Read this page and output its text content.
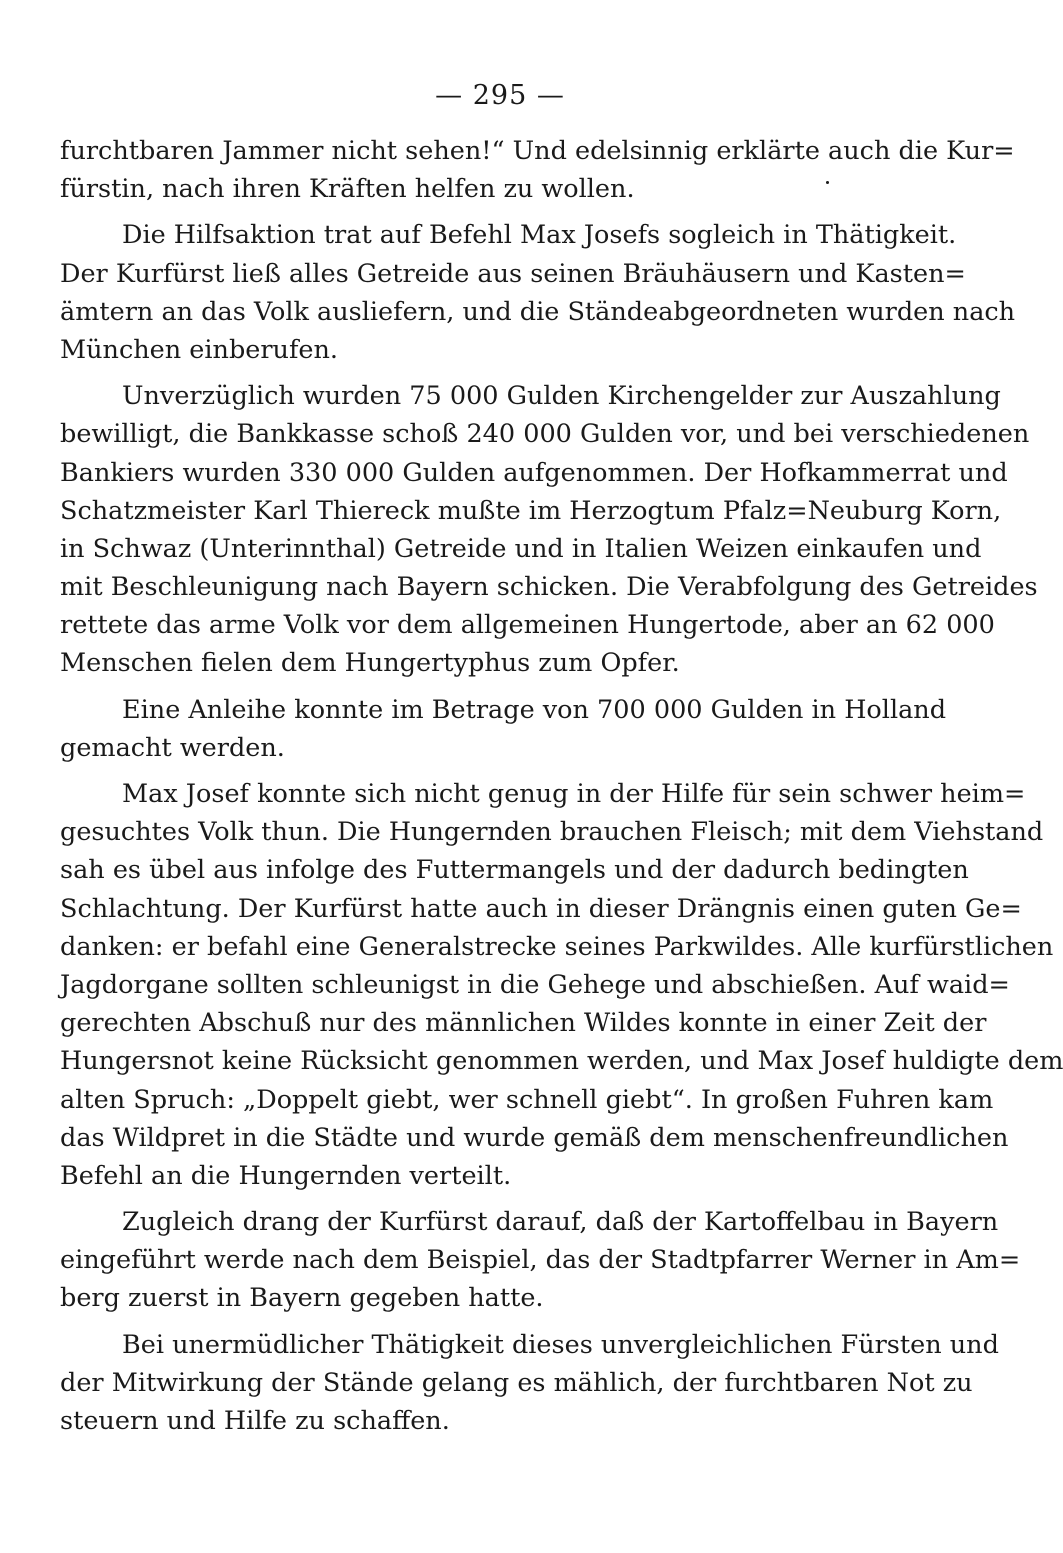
— 295 —
furchtbaren Jammer nicht sehen!“ Und edelsinnig erklärte auch die Kur=
fürstin, nach ihren Kräften helfen zu wollen.
Die Hilfsaktion trat auf Befehl Max Josefs sogleich in Thätigkeit.
Der Kurfürst ließ alles Getreide aus seinen Bräuhäusern und Kasten=
ämtern an das Volk ausliefern, und die Ständeabgeordneten wurden nach
München einberufen.
Unverzüglich wurden 75 000 Gulden Kirchengelder zur Auszahlung
bewilligt, die Bankkasse schoß 240 000 Gulden vor, und bei verschiedenen
Bankiers wurden 330 000 Gulden aufgenommen. Der Hofkammerrat und
Schatzmeister Karl Thiereck mußte im Herzogtum Pfalz=Neuburg Korn,
in Schwaz (Unterinnthal) Getreide und in Italien Weizen einkaufen und
mit Beschleunigung nach Bayern schicken. Die Verabfolgung des Getreides
rettete das arme Volk vor dem allgemeinen Hungertode, aber an 62 000
Menschen fielen dem Hungertyphus zum Opfer.
Eine Anleihe konnte im Betrage von 700 000 Gulden in Holland
gemacht werden.
Max Josef konnte sich nicht genug in der Hilfe für sein schwer heim=
gesuchtes Volk thun. Die Hungernden brauchen Fleisch; mit dem Viehstand
sah es übel aus infolge des Futtermangels und der dadurch bedingten
Schlachtung. Der Kurfürst hatte auch in dieser Drängnis einen guten Ge=
danken: er befahl eine Generalstrecke seines Parkwildes. Alle kurfürstlichen
Jagdorgane sollten schleunigst in die Gehege und abschießen. Auf waid=
gerechten Abschuß nur des männlichen Wildes konnte in einer Zeit der
Hungersnot keine Rücksicht genommen werden, und Max Josef huldigte dem
alten Spruch: „Doppelt giebt, wer schnell giebt“. In großen Fuhren kam
das Wildpret in die Städte und wurde gemäß dem menschenfreundlichen
Befehl an die Hungernden verteilt.
Zugleich drang der Kurfürst darauf, daß der Kartoffelbau in Bayern
eingeführt werde nach dem Beispiel, das der Stadtpfarrer Werner in Am=
berg zuerst in Bayern gegeben hatte.
Bei unermüdlicher Thätigkeit dieses unvergleichlichen Fürsten und
der Mitwirkung der Stände gelang es mählich, der furchtbaren Not zu
steuern und Hilfe zu schaffen.
